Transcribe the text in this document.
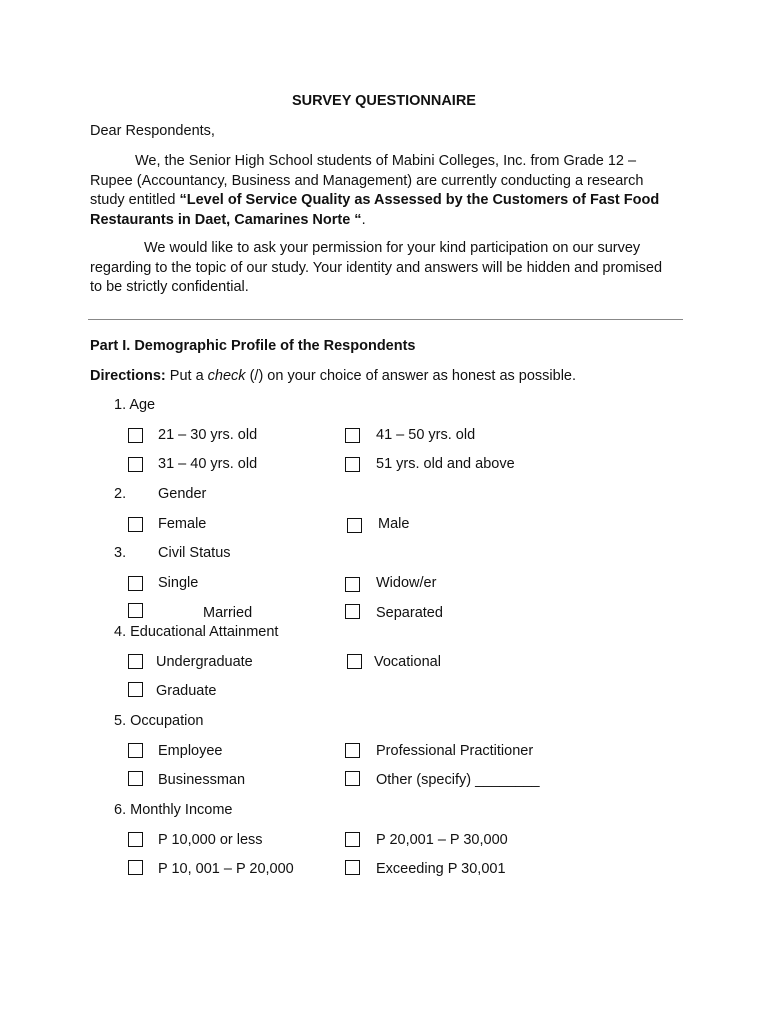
SURVEY QUESTIONNAIRE
Dear Respondents,
We, the Senior High School students of Mabini Colleges, Inc. from Grade 12 – Rupee (Accountancy, Business and Management) are currently conducting a research study entitled “Level of Service Quality as Assessed by the Customers of Fast Food Restaurants in Daet, Camarines Norte “.
We would like to ask your permission for your kind participation on our survey regarding to the topic of our study. Your identity and answers will be hidden and promised to be strictly confidential.
Part I. Demographic Profile of the Respondents
Directions: Put a check (/) on your choice of answer as honest as possible.
1. Age
21 – 30 yrs. old	41 – 50 yrs. old
31 – 40 yrs. old	51 yrs. old and above
2. Gender
Female	Male
3. Civil Status
Single	Widow/er
Married	Separated
4. Educational Attainment
Undergraduate	Vocational
Graduate
5. Occupation
Employee	Professional Practitioner
Businessman	Other (specify) ________
6. Monthly Income
P 10,000 or less	P 20,001 – P 30,000
P 10, 001 – P 20,000	Exceeding P 30,001
